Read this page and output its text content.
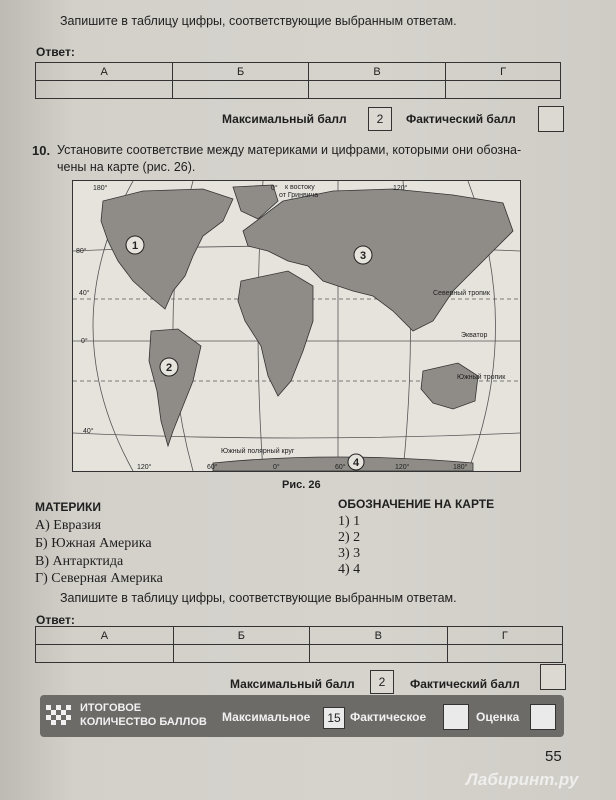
Запишите в таблицу цифры, соответствующие выбранным ответам.
Ответ:
А	Б	В	Г

Максимальный балл	2	Фактический балл
10. Установите соответствие между материками и цифрами, которыми они обозна-
чены на карте (рис. 26).
1
2
3
4
180°	0° к востоку
от Гринвича
120°
80°
40°
0°
40°
Северный тропик
Экватор
Южный тропик
Южный полярный круг
120°	60°	0°	60°	120°	180°
Рис. 26
МАТЕРИКИ
А) Евразия
Б) Южная Америка
В) Антарктида
Г) Северная Америка
ОБОЗНАЧЕНИЕ НА КАРТЕ
1) 1
2) 2
3) 3
4) 4
Запишите в таблицу цифры, соответствующие выбранным ответам.
Ответ:
А	Б	В	Г

Максимальный балл	2	Фактический балл
ИТОГОВОЕ
КОЛИЧЕСТВО БАЛЛОВ Максимальное	15 Фактическое	Оценка
55
Лабиринт.ру
